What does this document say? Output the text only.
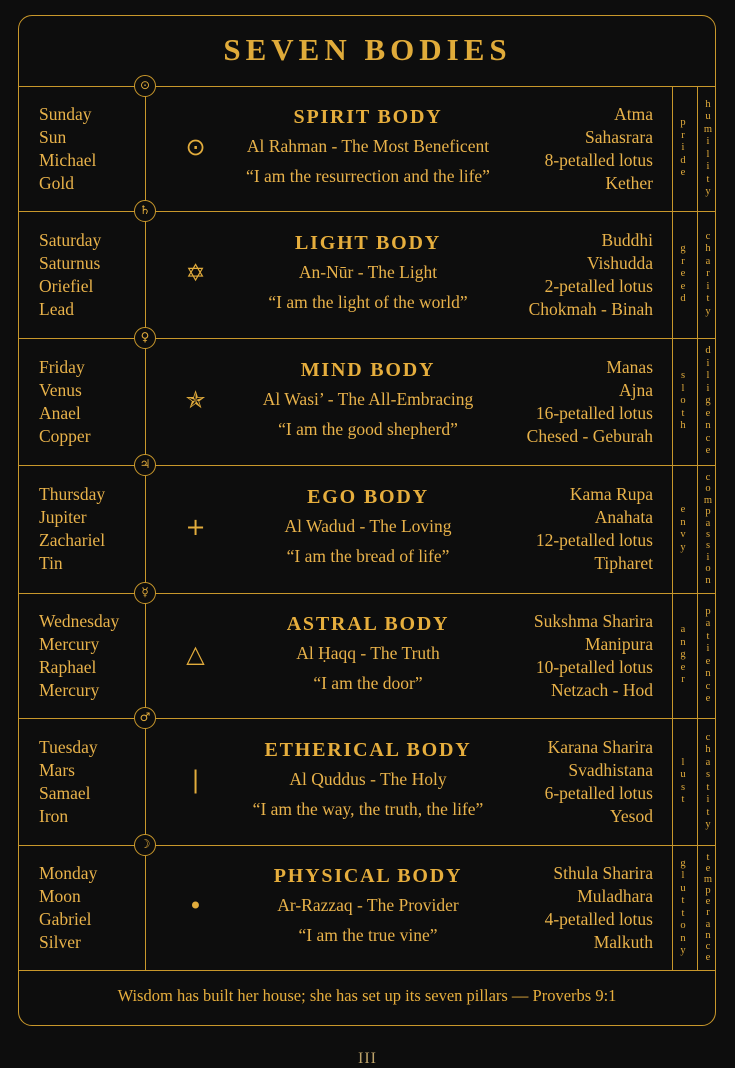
SEVEN BODIES
Sunday
Sun
Michael
Gold
⊙
SPIRIT BODY
Al Rahman - The Most Beneficent
“I am the resurrection and the life”
Atma
Sahasrara
8-petalled lotus
Kether
p
r
i
d
e
h
u
m
i
l
i
t
y
⊙
Saturday
Saturnus
Oriefiel
Lead
✡
LIGHT BODY
An-Nūr - The Light
“I am the light of the world”
Buddhi
Vishudda
2-petalled lotus
Chokmah - Binah
g
r
e
e
d
c
h
a
r
i
t
y
♄
Friday
Venus
Anael
Copper
✯
MIND BODY
Al Wasi’ - The All-Embracing
“I am the good shepherd”
Manas
Ajna
16-petalled lotus
Chesed - Geburah
s
l
o
t
h
d
i
l
i
g
e
n
c
e
♀
Thursday
Jupiter
Zachariel
Tin
+
EGO BODY
Al Wadud - The Loving
“I am the bread of life”
Kama Rupa
Anahata
12-petalled lotus
Tipharet
e
n
v
y
c
o
m
p
a
s
s
i
o
n
♃
Wednesday
Mercury
Raphael
Mercury
△
ASTRAL BODY
Al Ḥaqq - The Truth
“I am the door”
Sukshma Sharira
Manipura
10-petalled lotus
Netzach - Hod
a
n
g
e
r
p
a
t
i
e
n
c
e
☿
Tuesday
Mars
Samael
Iron
|
ETHERICAL BODY
Al Quddus - The Holy
“I am the way, the truth, the life”
Karana Sharira
Svadhistana
6-petalled lotus
Yesod
l
u
s
t
c
h
a
s
t
i
t
y
♂
Monday
Moon
Gabriel
Silver
•
PHYSICAL BODY
Ar-Razzaq - The Provider
“I am the true vine”
Sthula Sharira
Muladhara
4-petalled lotus
Malkuth
g
l
u
t
t
o
n
y
t
e
m
p
e
r
a
n
c
e
☽
Wisdom has built her house; she has set up its seven pillars — Proverbs 9:1
III
